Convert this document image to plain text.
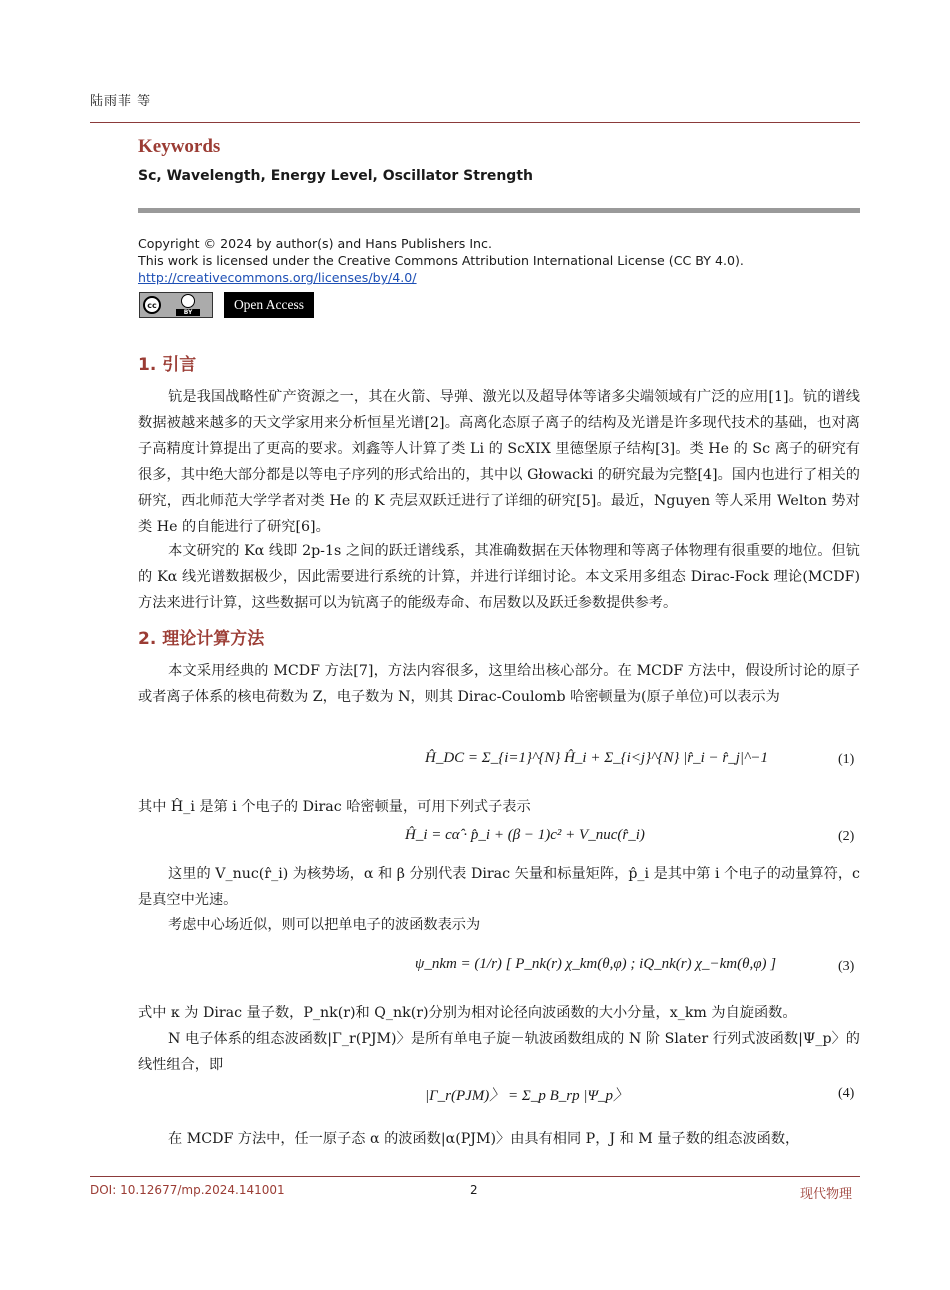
陆雨菲 等
Keywords
Sc, Wavelength, Energy Level, Oscillator Strength
Copyright © 2024 by author(s) and Hans Publishers Inc.
This work is licensed under the Creative Commons Attribution International License (CC BY 4.0).
http://creativecommons.org/licenses/by/4.0/
cc
BY
Open Access
1. 引言
钪是我国战略性矿产资源之一，其在火箭、导弹、激光以及超导体等诸多尖端领域有广泛的应用[1]。钪的谱线数据被越来越多的天文学家用来分析恒星光谱[2]。高离化态原子离子的结构及光谱是许多现代技术的基础，也对离子高精度计算提出了更高的要求。刘鑫等人计算了类 Li 的 ScXIX 里德堡原子结构[3]。类 He 的 Sc 离子的研究有很多，其中绝大部分都是以等电子序列的形式给出的，其中以 Głowacki 的研究最为完整[4]。国内也进行了相关的研究，西北师范大学学者对类 He 的 K 壳层双跃迁进行了详细的研究[5]。最近，Nguyen 等人采用 Welton 势对类 He 的自能进行了研究[6]。
本文研究的 Kα 线即 2p-1s 之间的跃迁谱线系，其准确数据在天体物理和等离子体物理有很重要的地位。但钪的 Kα 线光谱数据极少，因此需要进行系统的计算，并进行详细讨论。本文采用多组态 Dirac-Fock 理论(MCDF)方法来进行计算，这些数据可以为钪离子的能级寿命、布居数以及跃迁参数提供参考。
2. 理论计算方法
本文采用经典的 MCDF 方法[7]，方法内容很多，这里给出核心部分。在 MCDF 方法中，假设所讨论的原子或者离子体系的核电荷数为 Z，电子数为 N，则其 Dirac-Coulomb 哈密顿量为(原子单位)可以表示为
Ĥ_DC = Σ_{i=1}^{N} Ĥ_i + Σ_{i<j}^{N} |r̂_i − r̂_j|^−1	(1)
其中 Ĥ_i 是第 i 个电子的 Dirac 哈密顿量，可用下列式子表示
Ĥ_i = cα̂ · p̂_i + (β − 1)c² + V_nuc(r̂_i)	(2)
这里的 V_nuc(r̂_i) 为核势场，α 和 β 分别代表 Dirac 矢量和标量矩阵，p̂_i 是其中第 i 个电子的动量算符，c 是真空中光速。
考虑中心场近似，则可以把单电子的波函数表示为
ψ_nkm = (1/r) [ P_nk(r) χ_km(θ,φ) ; iQ_nk(r) χ_−km(θ,φ) ]	(3)
式中 κ 为 Dirac 量子数，P_nk(r)和 Q_nk(r)分别为相对论径向波函数的大小分量，x_km 为自旋函数。
N 电子体系的组态波函数|Γ_r(PJM)〉是所有单电子旋－轨波函数组成的 N 阶 Slater 行列式波函数|Ψ_p〉的线性组合，即
|Γ_r(PJM)〉 = Σ_p B_rp |Ψ_p〉	(4)
在 MCDF 方法中，任一原子态 α 的波函数|α(PJM)〉由具有相同 P，J 和 M 量子数的组态波函数，
DOI: 10.12677/mp.2024.141001	2	现代物理
